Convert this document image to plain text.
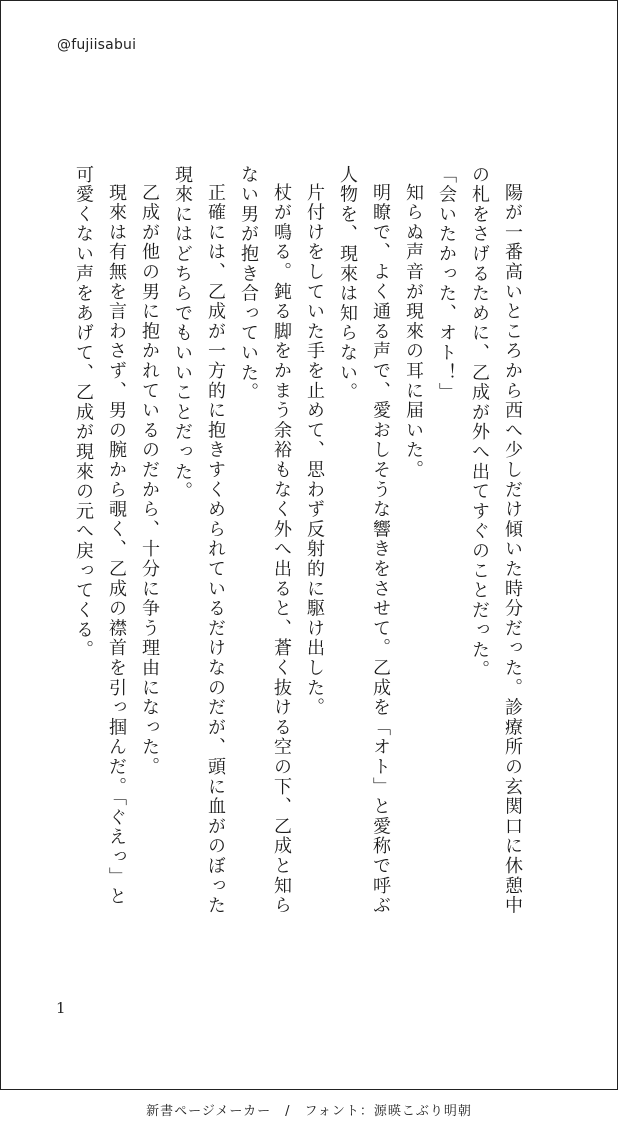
@fujiisabui

陽が一番高いところから西へ少しだけ傾いた時分だった。診療所の玄関口に休憩中の札をさげるために、乙成が外へ出てすぐのことだった。

「会いたかった、オト！」

知らぬ声音が現來の耳に届いた。

明瞭で、よく通る声で、愛おしそうな響きをさせて。乙成を「オト」と愛称で呼ぶ人物を、現來は知らない。

片付けをしていた手を止めて、思わず反射的に駆け出した。

杖が鳴る。鈍る脚をかまう余裕もなく外へ出ると、蒼く抜ける空の下、乙成と知らない男が抱き合っていた。

正確には、乙成が一方的に抱きすくめられているだけなのだが、頭に血がのぼった現來にはどちらでもいいことだった。

乙成が他の男に抱かれているのだから、十分に争う理由になった。

現來は有無を言わさず、男の腕から覗く、乙成の襟首を引っ掴んだ。「ぐえっ」と可愛くない声をあげて、乙成が現來の元へ戻ってくる。

1
新書ページメーカー　/　フォント：源暎こぶり明朝
